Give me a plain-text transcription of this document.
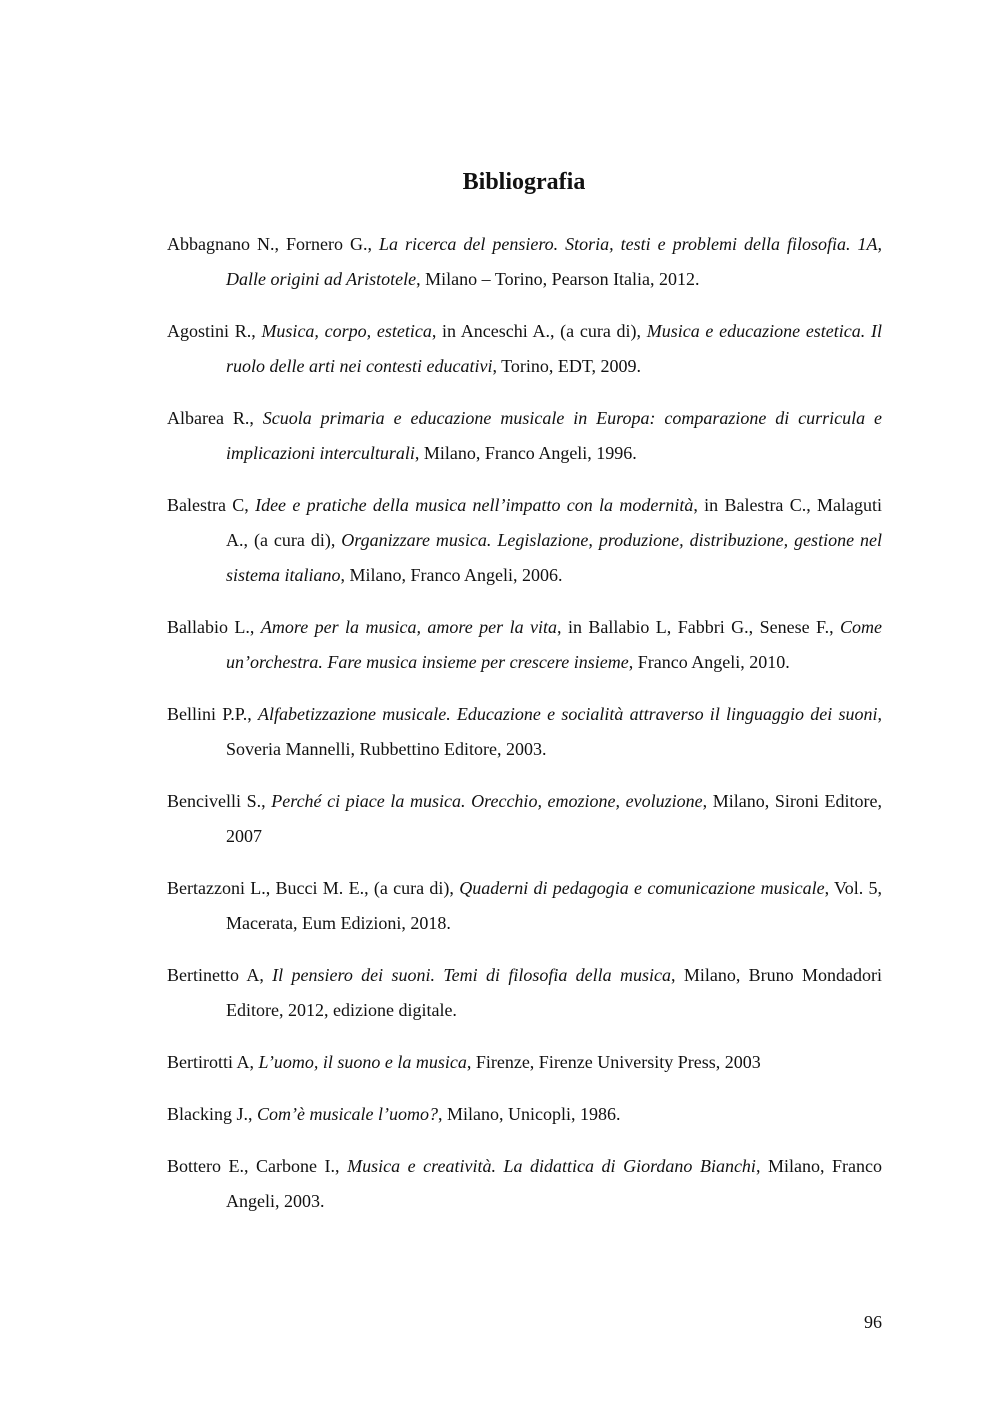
Bibliografia
Abbagnano N., Fornero G., La ricerca del pensiero. Storia, testi e problemi della filosofia. 1A, Dalle origini ad Aristotele, Milano – Torino, Pearson Italia, 2012.
Agostini R., Musica, corpo, estetica, in Anceschi A., (a cura di), Musica e educazione estetica. Il ruolo delle arti nei contesti educativi, Torino, EDT, 2009.
Albarea R., Scuola primaria e educazione musicale in Europa: comparazione di curricula e implicazioni interculturali, Milano, Franco Angeli, 1996.
Balestra C, Idee e pratiche della musica nell’impatto con la modernità, in Balestra C., Malaguti A., (a cura di), Organizzare musica. Legislazione, produzione, distribuzione, gestione nel sistema italiano, Milano, Franco Angeli, 2006.
Ballabio L., Amore per la musica, amore per la vita, in Ballabio L, Fabbri G., Senese F., Come un’orchestra. Fare musica insieme per crescere insieme, Franco Angeli, 2010.
Bellini P.P., Alfabetizzazione musicale. Educazione e socialità attraverso il linguaggio dei suoni, Soveria Mannelli, Rubbettino Editore, 2003.
Bencivelli S., Perché ci piace la musica. Orecchio, emozione, evoluzione, Milano, Sironi Editore, 2007
Bertazzoni L., Bucci M. E., (a cura di), Quaderni di pedagogia e comunicazione musicale, Vol. 5, Macerata, Eum Edizioni, 2018.
Bertinetto A, Il pensiero dei suoni. Temi di filosofia della musica, Milano, Bruno Mondadori Editore, 2012, edizione digitale.
Bertirotti A, L’uomo, il suono e la musica, Firenze, Firenze University Press, 2003
Blacking J., Com’è musicale l’uomo?, Milano, Unicopli, 1986.
Bottero E., Carbone I., Musica e creatività. La didattica di Giordano Bianchi, Milano, Franco Angeli, 2003.
96
